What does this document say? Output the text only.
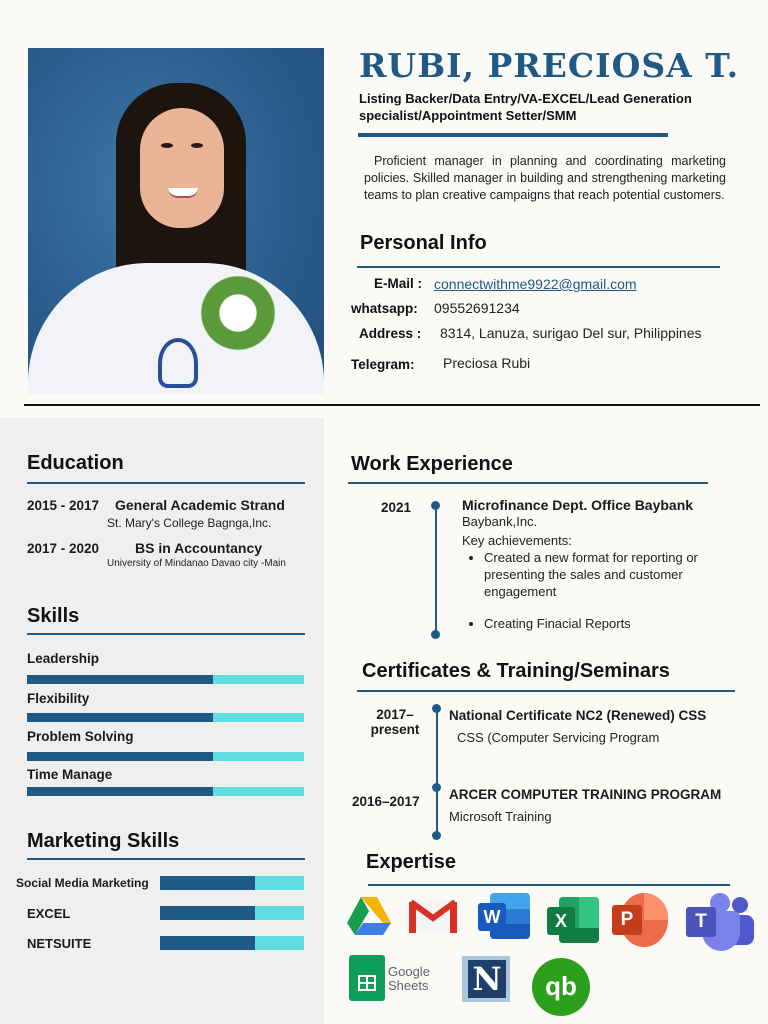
RUBI, PRECIOSA T.
Listing Backer/Data Entry/VA-EXCEL/Lead Generation specialist/Appointment Setter/SMM
Proficient manager in planning and coordinating marketing policies. Skilled manager in building and strengthening marketing teams to plan creative campaigns that reach potential customers.
Personal Info
E-Mail : connectwithme9922@gmail.com
whatsapp: 09552691234
Address : 8314, Lanuza, surigao Del sur, Philippines
Telegram: Preciosa Rubi
Education
2015 - 2017 General Academic Strand
St. Mary's College Bagnga,Inc.
2017 - 2020	BS in Accountancy
University of Mindanao Davao city -Main
Skills
Leadership
Flexibility
Problem Solving
Time Manage
Marketing Skills
Social Media Marketing
EXCEL
NETSUITE
Work Experience
2021	Microfinance Dept. Office Baybank
Baybank,Inc.
Key achievements:
• Created a new format for reporting or presenting the sales and customer engagement
• Creating Finacial Reports
Certificates & Training/Seminars
2017–
present
National Certificate NC2 (Renewed) CSS
CSS (Computer Servicing Program
2016–2017 ARCER COMPUTER TRAINING PROGRAM
Microsoft Training
Expertise
W	X	P	T
Google
Sheets N	qb
